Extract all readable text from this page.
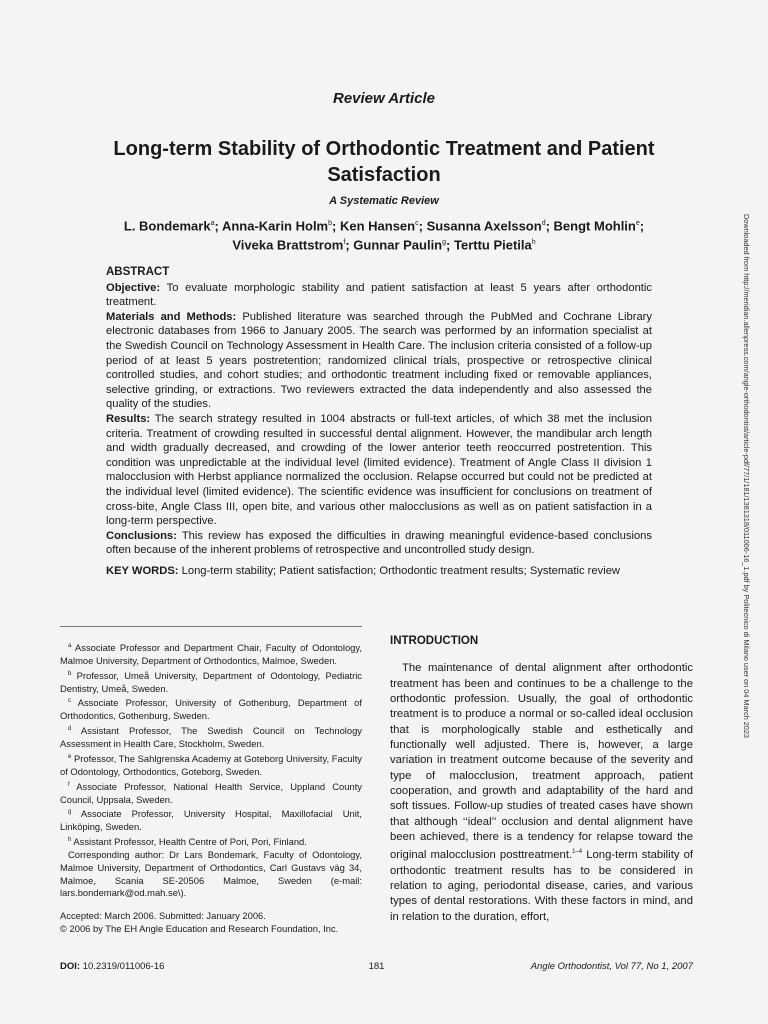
Review Article
Long-term Stability of Orthodontic Treatment and Patient Satisfaction
A Systematic Review
L. Bondemark$^a$; Anna-Karin Holm$^b$; Ken Hansen$^c$; Susanna Axelsson$^d$; Bengt Mohlin$^e$;
Viveka Brattstrom$^f$; Gunnar Paulin$^g$; Terttu Pietila$^h$
ABSTRACT

Objective: To evaluate morphologic stability and patient satisfaction at least 5 years after orthodontic treatment.

Materials and Methods: Published literature was searched through the PubMed and Cochrane Library electronic databases from 1966 to January 2005. The search was performed by an information specialist at the Swedish Council on Technology Assessment in Health Care. The inclusion criteria consisted of a follow-up period of at least 5 years postretention; randomized clinical trials, prospective or retrospective clinical controlled studies, and cohort studies; and orthodontic treatment including fixed or removable appliances, selective grinding, or extractions. Two reviewers extracted the data independently and also assessed the quality of the studies.

Results: The search strategy resulted in 1004 abstracts or full-text articles, of which 38 met the inclusion criteria. Treatment of crowding resulted in successful dental alignment. However, the mandibular arch length and width gradually decreased, and crowding of the lower anterior teeth reoccurred postretention. This condition was unpredictable at the individual level (limited evidence). Treatment of Angle Class II division 1 malocclusion with Herbst appliance normalized the occlusion. Relapse occurred but could not be predicted at the individual level (limited evidence). The scientific evidence was insufficient for conclusions on treatment of cross-bite, Angle Class III, open bite, and various other malocclusions as well as on patient satisfaction in a long-term perspective.

Conclusions: This review has exposed the difficulties in drawing meaningful evidence-based conclusions often because of the inherent problems of retrospective and uncontrolled study design.

KEY WORDS: Long-term stability; Patient satisfaction; Orthodontic treatment results; Systematic review

$^a$ Associate Professor and Department Chair, Faculty of Odontology, Malmoe University, Department of Orthodontics, Malmoe, Sweden.

$^b$ Professor, Umeå University, Department of Odontology, Pediatric Dentistry, Umeå, Sweden.

$^c$ Associate Professor, University of Gothenburg, Department of Orthodontics, Gothenburg, Sweden.

$^d$ Assistant Professor, The Swedish Council on Technology Assessment in Health Care, Stockholm, Sweden.

$^e$ Professor, The Sahlgrenska Academy at Goteborg University, Faculty of Odontology, Orthodontics, Goteborg, Sweden.

$^f$ Associate Professor, National Health Service, Uppland County Council, Uppsala, Sweden.

$^g$ Associate Professor, University Hospital, Maxillofacial Unit, Linköping, Sweden.

$^h$ Assistant Professor, Health Centre of Pori, Pori, Finland.

Corresponding author: Dr Lars Bondemark, Faculty of Odontology, Malmoe University, Department of Orthodontics, Carl Gustavs väg 34, Malmoe, Scania SE-20506 Malmoe, Sweden (e-mail: lars.bondemark@od.mah.se\).

Accepted: March 2006. Submitted: January 2006.

© 2006 by The EH Angle Education and Research Foundation, Inc.

INTRODUCTION

The maintenance of dental alignment after orthodontic treatment has been and continues to be a challenge to the orthodontic profession. Usually, the goal of orthodontic treatment is to produce a normal or so-called ideal occlusion that is morphologically stable and esthetically and functionally well adjusted. There is, however, a large variation in treatment outcome because of the severity and type of malocclusion, treatment approach, patient cooperation, and growth and adaptability of the hard and soft tissues. Follow-up studies of treated cases have shown that although ‘‘ideal’’ occlusion and dental alignment have been achieved, there is a tendency for relapse toward the original malocclusion posttreatment.$^{1-4}$ Long-term stability of orthodontic treatment results has to be considered in relation to aging, periodontal disease, caries, and various types of dental restorations. With these factors in mind, and in relation to the duration, effort,

DOI: 10.2319/011006-16	181	Angle Orthodontist, Vol 77, No 1, 2007
Downloaded from http://meridian.allenpress.com/angle-orthodontist/article-pdf/77/1/181/1381318/011006-16_1.pdf by Politecnico di Milano user on 04 March 2023
